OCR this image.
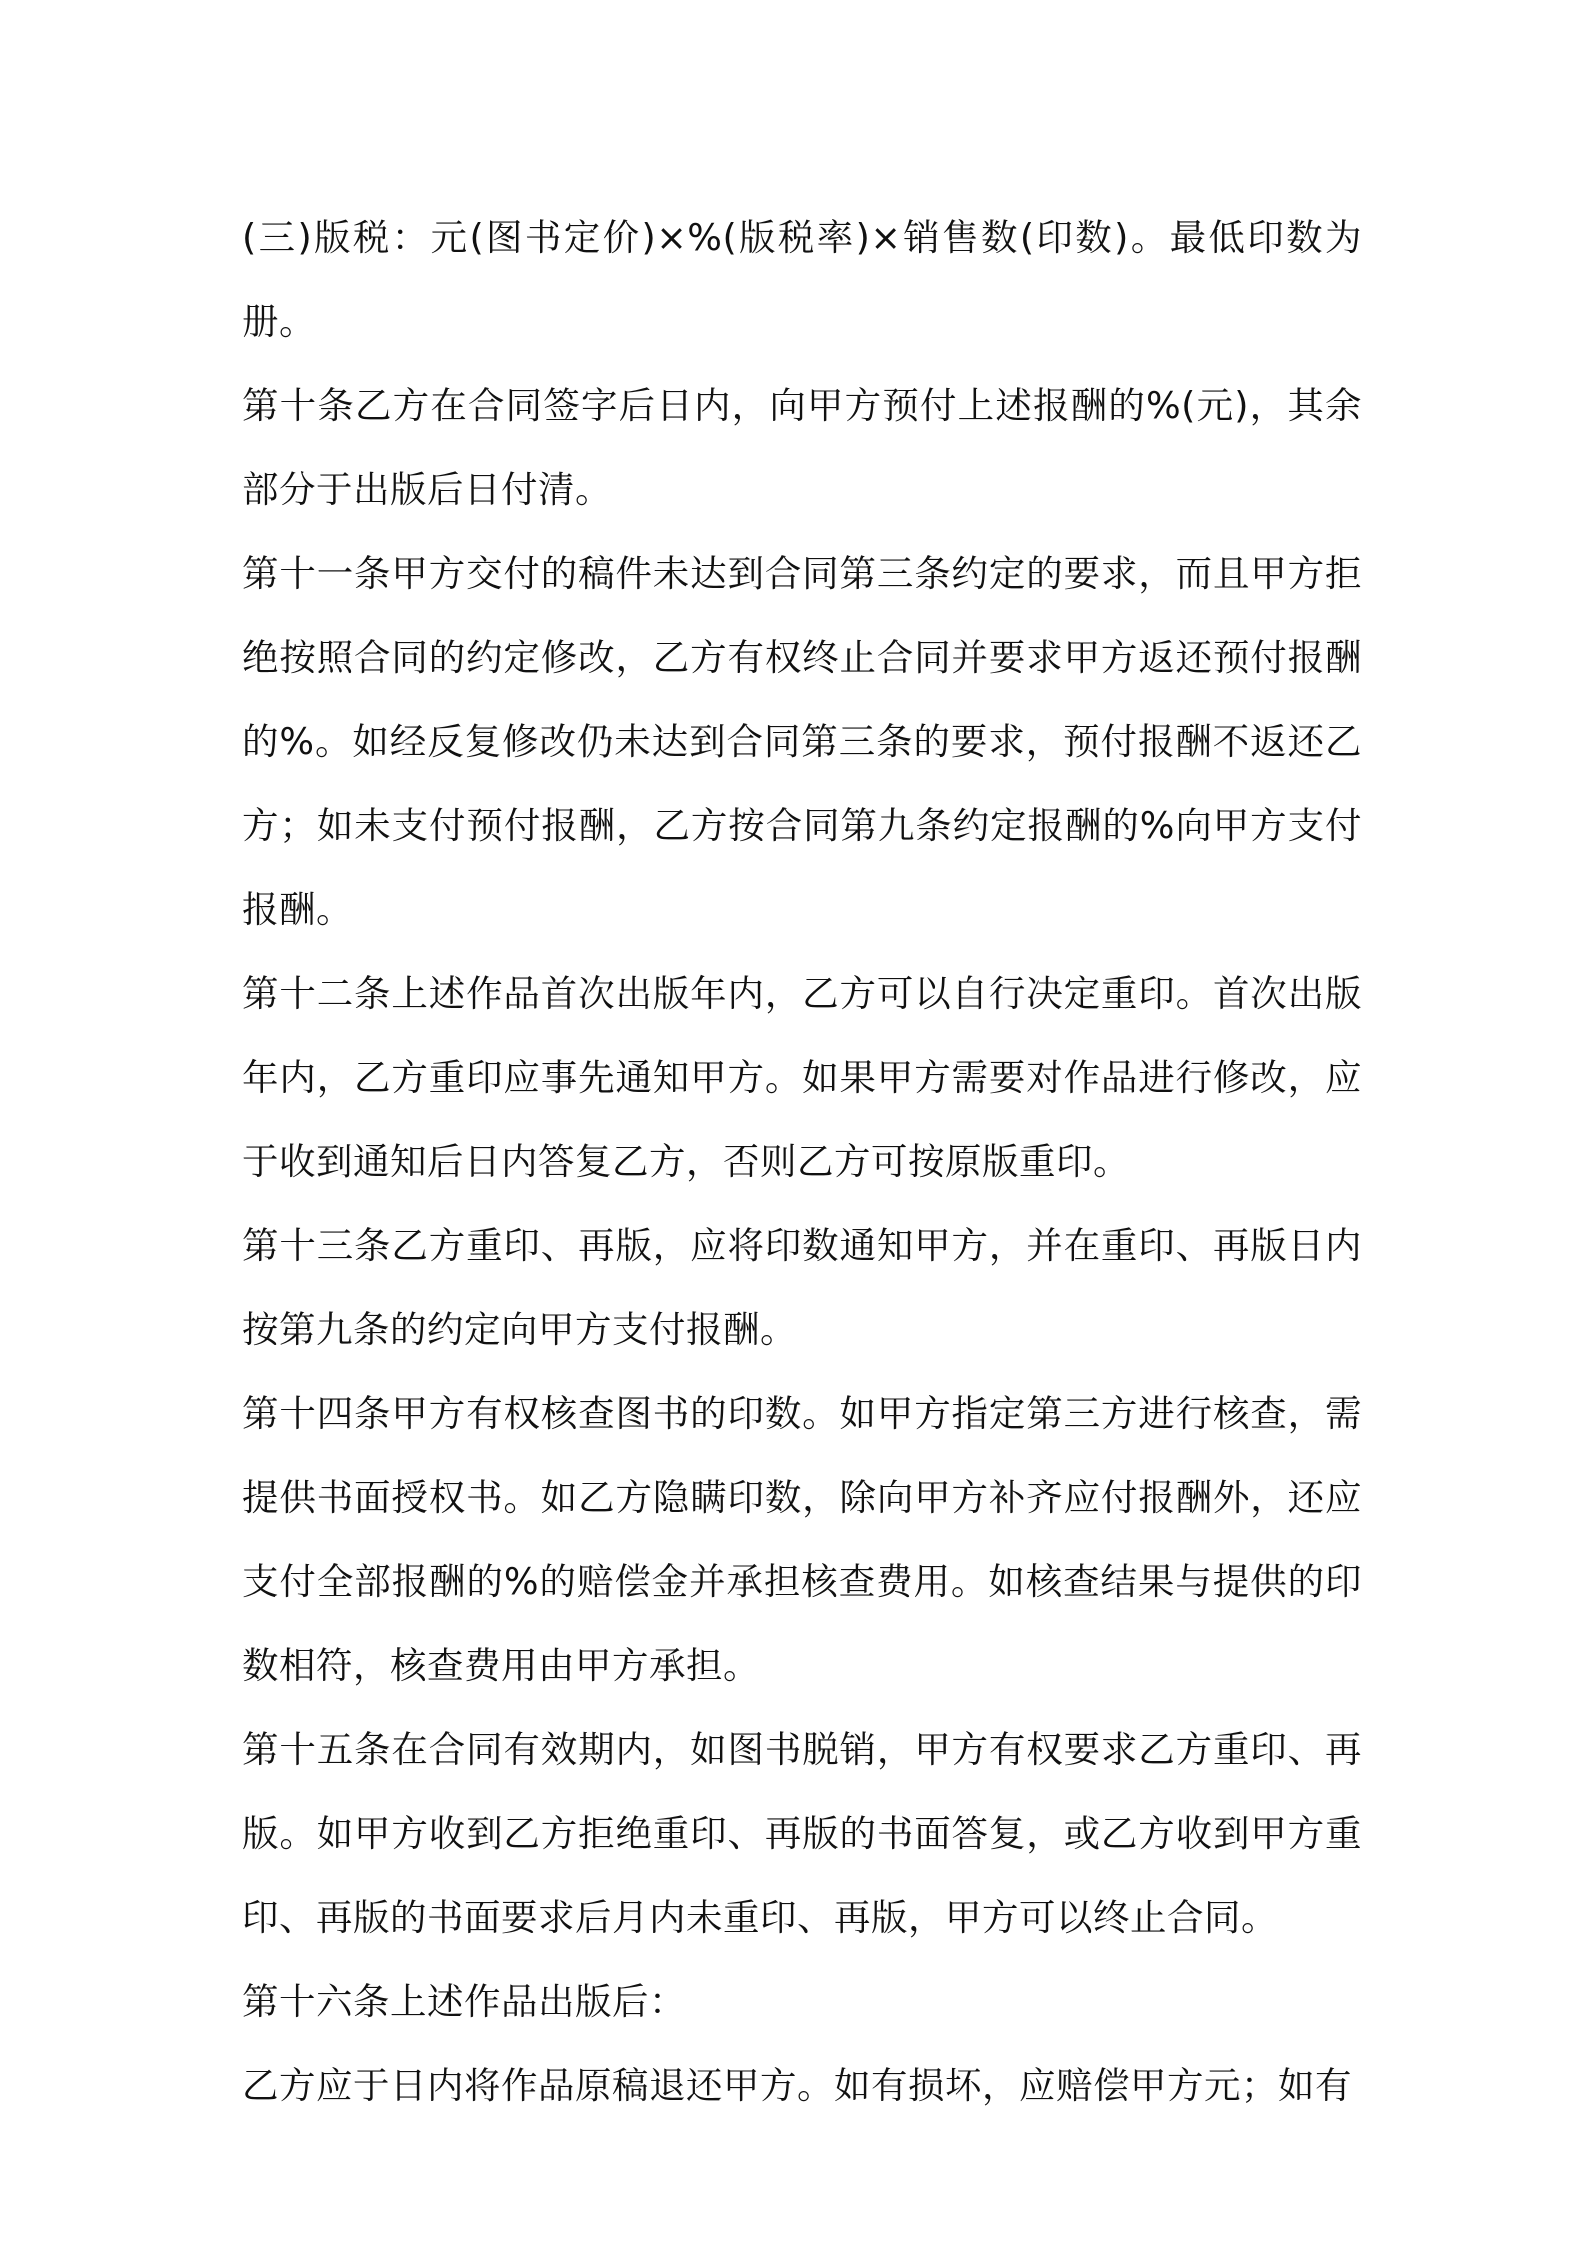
(三)版税：元(图书定价)×%(版税率)×销售数(印数)。最低印数为册。

第十条乙方在合同签字后日内，向甲方预付上述报酬的%(元)，其余部分于出版后日付清。

第十一条甲方交付的稿件未达到合同第三条约定的要求，而且甲方拒绝按照合同的约定修改，乙方有权终止合同并要求甲方返还预付报酬的%。如经反复修改仍未达到合同第三条的要求，预付报酬不返还乙方；如未支付预付报酬，乙方按合同第九条约定报酬的%向甲方支付报酬。

第十二条上述作品首次出版年内，乙方可以自行决定重印。首次出版年内，乙方重印应事先通知甲方。如果甲方需要对作品进行修改，应于收到通知后日内答复乙方，否则乙方可按原版重印。

第十三条乙方重印、再版，应将印数通知甲方，并在重印、再版日内按第九条的约定向甲方支付报酬。

第十四条甲方有权核查图书的印数。如甲方指定第三方进行核查，需提供书面授权书。如乙方隐瞒印数，除向甲方补齐应付报酬外，还应支付全部报酬的%的赔偿金并承担核查费用。如核查结果与提供的印数相符，核查费用由甲方承担。

第十五条在合同有效期内，如图书脱销，甲方有权要求乙方重印、再版。如甲方收到乙方拒绝重印、再版的书面答复，或乙方收到甲方重印、再版的书面要求后月内未重印、再版，甲方可以终止合同。

第十六条上述作品出版后：

乙方应于日内将作品原稿退还甲方。如有损坏，应赔偿甲方元；如有
